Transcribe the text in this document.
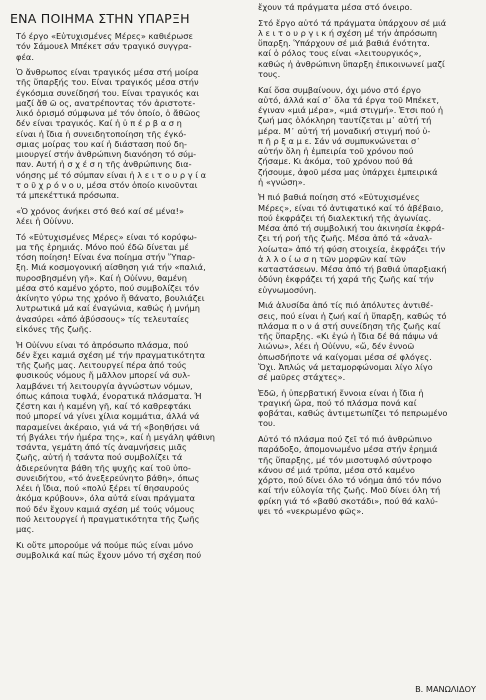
ΕΝΑ ΠΟΙΗΜΑ ΣΤΗΝ ΥΠΑΡΞΗ

Τό έργο «Εὐτυχισμένες Μέρες» καθιέρωσε
τόν Σάμουελ Μπέκετ σάν τραγικό συγγρα-
φέα.

Ὁ ἄνθρωπος είναι τραγικός μέσα στή μοίρα
τῆς ὕπαρξής του. Είναι τραγικός μέσα στήν
έγκόσμια συνείδησή του. Είναι τραγικός και
μαζί ἄθ ῶ ος, ανατρέποντας τόν ἀριστοτε-
λικό ὁρισμό σύμφωνα μέ τόν ὁποίο, ὁ ἄθῶος
δέν είναι τραγικός. Καί ἡ ὑ π έ ρ β α σ η
είναι ἡ ἴδια ἡ συνειδητοποίηση τῆς έγκό-
σμιας μοίρας του καί ἡ διάσταση πού δη-
μιουργεί στήν ἀνθρώπινη διανόηση τό σύμ-
παν. Αυτή ἡ σ χ έ σ η τῆς ἀνθρώπινης δια-
νόησης μέ τό σύμπαν είναι ἡ λ ε ι τ ο υ ρ γ ί α
τ ο ῦ χ ρ ό ν ο υ, μέσα στόν ὁποίο κινοῦνται
τά μπεκέττικά πρόσωπα.

«Ὁ χρόνος άνήκει στό θεό καί σέ μένα!»
λέει ἡ Οὐίννυ.

Τό «Εὐτυχισμένες Μέρες» είναι τό κορύφω-
μα τῆς ἐρημιάς. Μόνο πού έδῶ δίνεται μέ
τόση ποίηση! Είναι ένα ποίημα στήν Ὕπαρ-
ξη. Μιά κοσμογονική αίσθηση γιά τήν «παλιά,
πυροσβησμένη γῆ». Καί ἡ Οὐίννυ, θαμένη
μέσα στό καμένο χόρτο, πού συμβολίζει τόν
ἀκίνητο γύρω της χρόνο ἤ θάνατο, βουλιάζει
λυτρωτικά μά καί έναγώνια, καθώς ἡ μνήμη
ἀνασύρει «ἀπό ἀβύσσους» τίς τελευταίες
εἰκόνες τῆς ζωῆς.

Ἡ Οὐίννυ είναι τό ἀπρόσωπο πλάσμα, πού
δέν ἔχει καμιά σχέση μέ τήν πραγματικότητα
τῆς ζωῆς μας. Λειτουργεί πέρα ἀπό τούς
φυσικούς νόμους ἤ μᾶλλον μπορεί νά συλ-
λαμβάνει τή λειτουργία ἀγνώστων νόμων,
όπως κάποια τυφλά, ένορατικά πλάσματα. Ἡ
ζέστη και ἡ καμένη γῆ, καί τό καθρεφτάκι
πού μπορεί νά γίνει χίλια κομμάτια, άλλά νά
παραμείνει ἀκέραιο, γιά νά τή «βοηθήσει νά
τή βγάλει τήν ἡμέρα της», καί ἡ μεγάλη ψάθινη
τσάντα, γεμάτη άπό τίς ἀναμνήσεις μιᾶς
ζωῆς, αὐτή ἡ τσάντα πού συμβολίζει τά
ἀδιερεύνητα βάθη τῆς ψυχῆς καί τοῦ ὑπο-
συνειδήτου, «τό ἀνεξερεύνητο βάθη», όπως
λέει ἡ ἴδια, πού «πολύ ξέρει τί θησαυρούς
ἀκόμα κρύβουν», όλα αὐτά είναι πράγματα
πού δέν ἔχουν καμιά σχέση μέ τούς νόμους
πού λειτουργεί ἡ πραγματικότητα τῆς ζωῆς
μας.

Κι οὔτε μπορούμε νά πούμε πώς είναι μόνο
συμβολικά καί πώς ἔχουν μόνο τή σχέση πού

ἔχουν τά πράγματα μέσα στό όνειρο.

Στό ἔργο αὐτό τά πράγματα ὑπάρχουν σέ μιά
λ ε ι τ ο υ ρ γ ι κ ή σχέση μέ τήν ἀπρόσωπη
ὕπαρξη. Ὑπάρχουν σέ μιά βαθιά ένότητα.
καί ὁ ρόλος τους είναι «λειτουργικός»,
καθώς ἡ ἀνθρώπινη ὕπαρξη ἐπικοινωνεί μαζί
τους.

Καί ὅσα συμβαίνουν, όχι μόνο στό έργο
αὐτό, άλλά καί σ᾽ ὅλα τά έργα τοῦ Μπέκετ,
έγιναν «μιά μέρα», «μιά στιγμή». Ἐτσι πού ἡ
ζωή μας ὁλόκληρη ταυτίζεται μ᾽ αὐτή τή
μέρα. Μ᾽ αὐτή τή μοναδική στιγμή πού ὑ-
π ῆ ρ ξ α μ ε. Σάν νά συμπυκνώνεται σ᾽
αὐτήν ὅλη ἡ ἐμπειρία τοῦ χρόνου πού
ζήσαμε. Κι ἀκόμα, τοῦ χρόνου πού θά
ζήσουμε, ἀφοῦ μέσα μας ὑπάρχει ἐμπειρικά
ἡ «γνώση».

Ἡ πιό βαθιά ποίηση στό «Εὐτυχισμένες
Μέρες», είναι τό ἀντιφατικό καί τό ἀβέβαιο,
πού ἐκφράζει τή διαλεκτική τῆς ἀγωνίας.
Μέσα ἀπό τή συμβολική του ἀκινησία ἐκφρά-
ζει τή ροή τῆς ζωῆς. Μέσα ἀπό τά «ἀναλ-
λοίωτα» ἀπό τή φύση στοιχεία, ἐκφράζει τήν
ἀ λ λ ο ί ω σ η τῶν μορφῶν καί τῶν
καταστάσεων. Μέσα ἀπό τή βαθιά ὑπαρξιακή
ὀδύνη ἐκφράζει τή χαρά τῆς ζωῆς καί τήν
εὐγνωμοσύνη.

Μιά ἀλυσίδα ἀπό τίς πιό ἀπόλυτες ἀντιθέ-
σεις, πού είναι ἡ ζωή καί ἡ ὕπαρξη, καθώς τό
πλάσμα π ο ν ά στή συνείδηση τῆς ζωῆς καί
τῆς ὕπαρξης. «Κι ἐγώ ἡ ἴδια δέ θά πάψω νά
λιώνω», λέει ἡ Οὐίννυ, «ὤ, δέν ἐννοῶ
ὁπωσδήποτε νά καίγομαι μέσα σέ φλόγες.
Ὄχι. Ἁπλώς νά μεταμορφώνομαι λίγο λίγο
σέ μαῦρες στάχτες».

Ἐδῶ, ἡ ὑπερβατική ἔννοια είναι ἡ ἴδια ἡ
τραγική ὥρα, πού τό πλάσμα πονά καί
φοβάται, καθώς ἀντιμετωπίζει τό πεπρωμένο
του.

Αὐτό τό πλάσμα πού ζεῖ τό πιό ἀνθρώπινο
παράδοξο, ἀπομονωμένο μέσα στήν ἐρημιά
τῆς ὕπαρξης, μέ τόν μισοτυφλό σύντροφο
κάνου σέ μιά τρύπα, μέσα στό καμένο
χόρτο, πού δίνει όλο τό νόημα ἀπό τόν πόνο
καί τήν εὐλογία τῆς ζωῆς. Μοῦ δίνει όλη τή
φρίκη γιά τό «βαθύ σκοτάδι», πού θά καλύ-
ψει τό «νεκρωμένο φῶς».

Β. ΜΑΝΩΛΙΔΟΥ
